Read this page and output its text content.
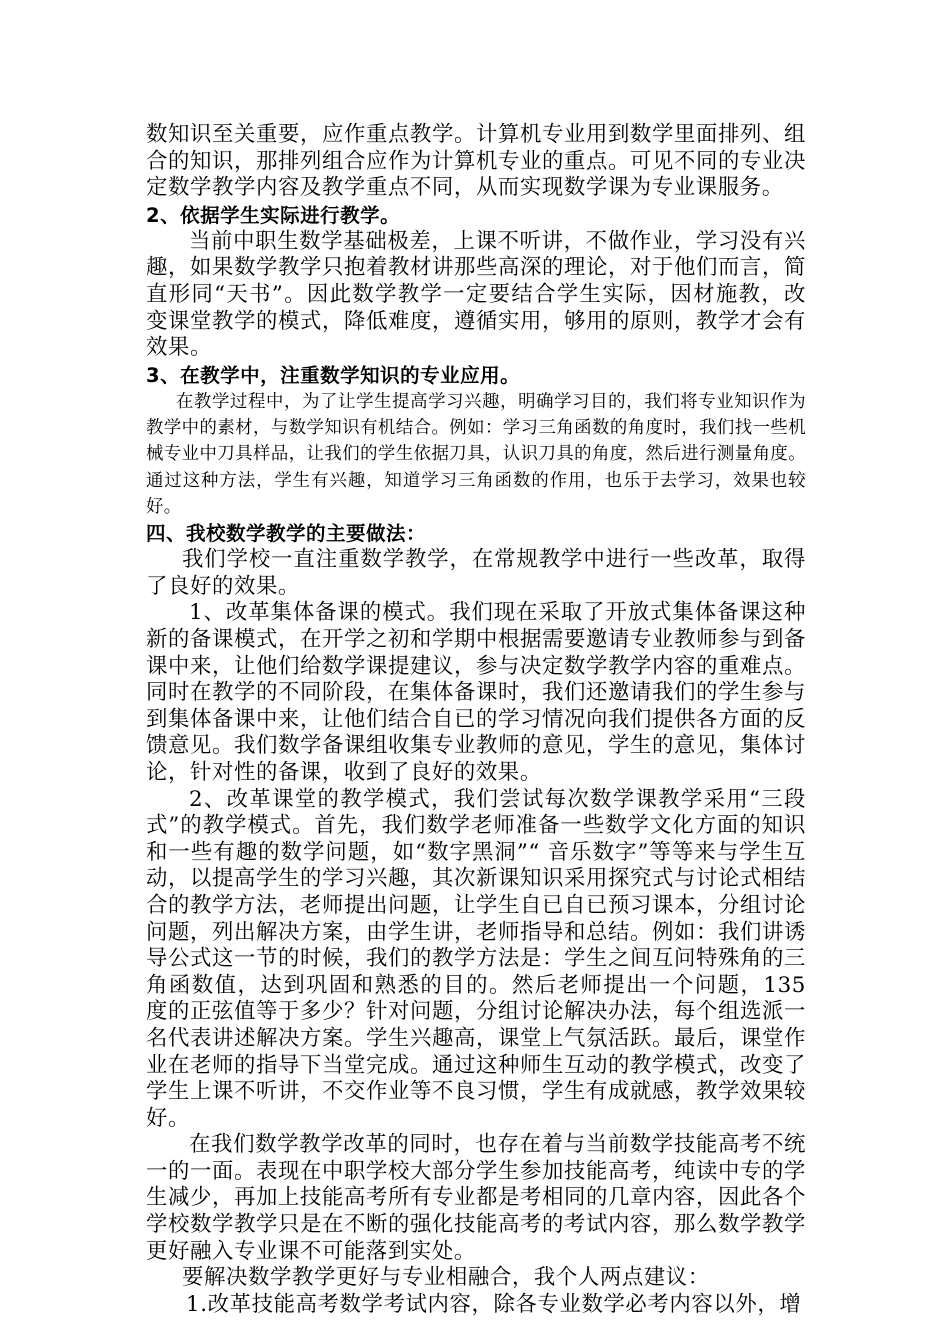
数知识至关重要，应作重点教学。计算机专业用到数学里面排列、组合的知识，那排列组合应作为计算机专业的重点。可见不同的专业决定数学教学内容及教学重点不同，从而实现数学课为专业课服务。

2、依据学生实际进行教学。

当前中职生数学基础极差，上课不听讲，不做作业，学习没有兴趣，如果数学教学只抱着教材讲那些高深的理论，对于他们而言，简直形同“天书”。因此数学教学一定要结合学生实际，因材施教，改变课堂教学的模式，降低难度，遵循实用，够用的原则，教学才会有效果。

3、在教学中，注重数学知识的专业应用。

在教学过程中，为了让学生提高学习兴趣，明确学习目的，我们将专业知识作为教学中的素材，与数学知识有机结合。例如：学习三角函数的角度时，我们找一些机械专业中刀具样品，让我们的学生依据刀具，认识刀具的角度，然后进行测量角度。通过这种方法，学生有兴趣，知道学习三角函数的作用，也乐于去学习，效果也较好。

四、我校数学教学的主要做法：

我们学校一直注重数学教学，在常规教学中进行一些改革，取得了良好的效果。

1、改革集体备课的模式。我们现在采取了开放式集体备课这种新的备课模式，在开学之初和学期中根据需要邀请专业教师参与到备课中来，让他们给数学课提建议，参与决定数学教学内容的重难点。同时在教学的不同阶段，在集体备课时，我们还邀请我们的学生参与到集体备课中来，让他们结合自已的学习情况向我们提供各方面的反馈意见。我们数学备课组收集专业教师的意见，学生的意见，集体讨论，针对性的备课，收到了良好的效果。

2、改革课堂的教学模式，我们尝试每次数学课教学采用“三段式”的教学模式。首先，我们数学老师准备一些数学文化方面的知识和一些有趣的数学问题，如“数字黑洞”“ 音乐数字”等等来与学生互动，以提高学生的学习兴趣，其次新课知识采用探究式与讨论式相结合的教学方法，老师提出问题，让学生自已自已预习课本，分组讨论问题，列出解决方案，由学生讲，老师指导和总结。例如：我们讲诱导公式这一节的时候，我们的教学方法是：学生之间互问特殊角的三角函数值，达到巩固和熟悉的目的。然后老师提出一个问题，135 度的正弦值等于多少？针对问题，分组讨论解决办法，每个组选派一名代表讲述解决方案。学生兴趣高，课堂上气氛活跃。最后，课堂作业在老师的指导下当堂完成。通过这种师生互动的教学模式，改变了学生上课不听讲，不交作业等不良习惯，学生有成就感，教学效果较好。

在我们数学教学改革的同时，也存在着与当前数学技能高考不统一的一面。表现在中职学校大部分学生参加技能高考，纯读中专的学生减少，再加上技能高考所有专业都是考相同的几章内容，因此各个学校数学教学只是在不断的强化技能高考的考试内容，那么数学教学更好融入专业课不可能落到实处。

要解决数学教学更好与专业相融合，我个人两点建议：

1.改革技能高考数学考试内容，除各专业数学必考内容以外，增
